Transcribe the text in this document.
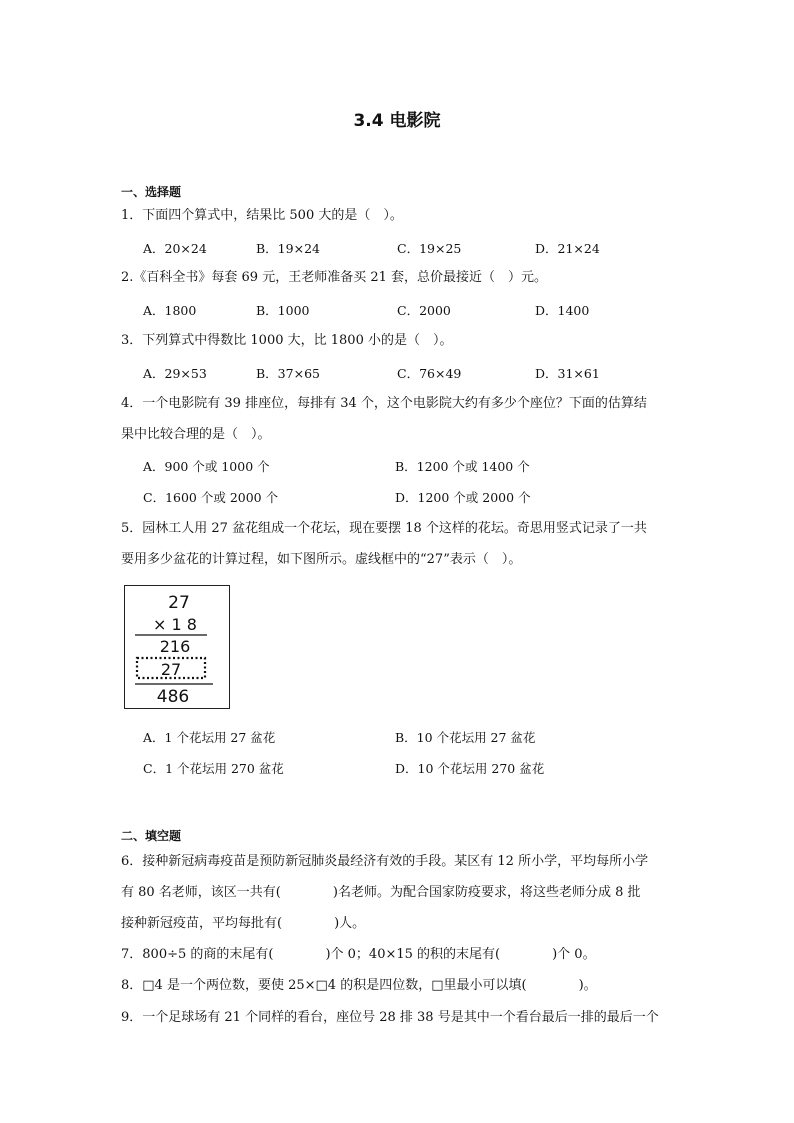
3.4 电影院
一、选择题
1．下面四个算式中，结果比 500 大的是（　）。
A．20×24	B．19×24	C．19×25	D．21×24
2.《百科全书》每套 69 元，王老师准备买 21 套，总价最接近（　）元。
A．1800	B．1000	C．2000	D．1400
3．下列算式中得数比 1000 大，比 1800 小的是（　）。
A．29×53	B．37×65	C．76×49	D．31×61
4．一个电影院有 39 排座位，每排有 34 个，这个电影院大约有多少个座位？下面的估算结
果中比较合理的是（　）。
A．900 个或 1000 个	B．1200 个或 1400 个
C．1600 个或 2000 个	D．1200 个或 2000 个
5．园林工人用 27 盆花组成一个花坛，现在要摆 18 个这样的花坛。奇思用竖式记录了一共
要用多少盆花的计算过程，如下图所示。虚线框中的“27”表示（　）。
27
× 1 8
216
27
486
A．1 个花坛用 27 盆花	B．10 个花坛用 27 盆花
C．1 个花坛用 270 盆花	D．10 个花坛用 270 盆花
二、填空题
6．接种新冠病毒疫苗是预防新冠肺炎最经济有效的手段。某区有 12 所小学，平均每所小学
有 80 名老师，该区一共有(　　　　)名老师。为配合国家防疫要求，将这些老师分成 8 批
接种新冠疫苗，平均每批有(　　　　)人。
7．800÷5 的商的末尾有(　　　　)个 0；40×15 的积的末尾有(　　　　)个 0。
8．□4 是一个两位数，要使 25×□4 的积是四位数，□里最小可以填(　　　　)。
9．一个足球场有 21 个同样的看台，座位号 28 排 38 号是其中一个看台最后一排的最后一个
